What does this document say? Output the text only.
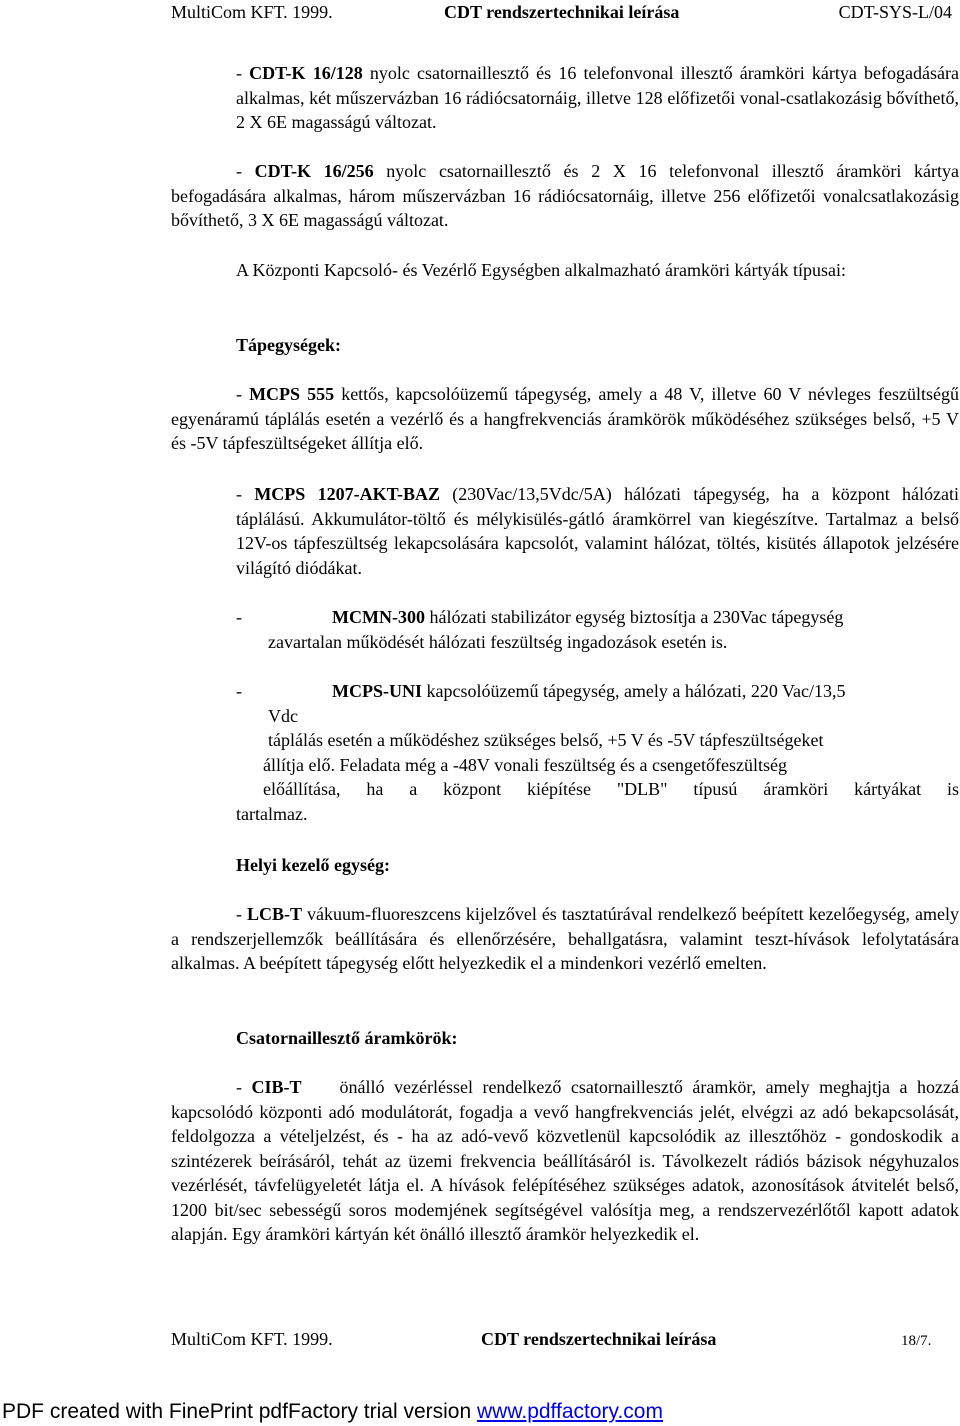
MultiCom KFT. 1999.	CDT rendszertechnikai leírása	CDT-SYS-L/04
- CDT-K 16/128 nyolc csatornaillesztő és 16 telefonvonal illesztő áramköri kártya befogadására alkalmas, két műszervázban 16 rádiócsatornáig, illetve 128 előfizetői vonal-csatlakozásig bővíthető, 2 X 6E magasságú változat.
- CDT-K 16/256 nyolc csatornaillesztő és 2 X 16 telefonvonal illesztő áramköri kártya befogadására alkalmas, három műszervázban 16 rádiócsatornáig, illetve 256 előfizetői vonalcsatlakozásig bővíthető, 3 X 6E magasságú változat.
A Központi Kapcsoló- és Vezérlő Egységben alkalmazható áramköri kártyák típusai:
Tápegységek:
- MCPS 555 kettős, kapcsolóüzemű tápegység, amely a 48 V, illetve 60 V névleges feszültségű egyenáramú táplálás esetén a vezérlő és a hangfrekvenciás áramkörök működéséhez szükséges belső, +5 V és -5V tápfeszültségeket állítja elő.
- MCPS 1207-AKT-BAZ (230Vac/13,5Vdc/5A) hálózati tápegység, ha a központ hálózati táplálású. Akkumulátor-töltő és mélykisülés-gátló áramkörrel van kiegészítve. Tartalmaz a belső 12V-os tápfeszültség lekapcsolására kapcsolót, valamint hálózat, töltés, kisütés állapotok jelzésére világító diódákat.
-	MCMN-300 hálózati stabilizátor egység biztosítja a 230Vac tápegység
zavartalan működését hálózati feszültség ingadozások esetén is.
-	MCPS-UNI kapcsolóüzemű tápegység, amely a hálózati, 220 Vac/13,5
Vdc
táplálás esetén a működéshez szükséges belső, +5 V és -5V tápfeszültségeket
állítja elő. Feladata még a -48V vonali feszültség és a csengetőfeszültség
előállítása, ha a központ kiépítése "DLB" típusú áramköri kártyákat is
tartalmaz.
Helyi kezelő egység:
- LCB-T vákuum-fluoreszcens kijelzővel és tasztatúrával rendelkező beépített kezelőegység, amely a rendszerjellemzők beállítására és ellenőrzésére, behallgatásra, valamint teszt-hívások lefolytatására alkalmas. A beépített tápegység előtt helyezkedik el a mindenkori vezérlő emelten.
Csatornaillesztő áramkörök:
- CIB-T    önálló vezérléssel rendelkező csatornaillesztő áramkör, amely meghajtja a hozzá kapcsolódó központi adó modulátorát, fogadja a vevő hangfrekvenciás jelét, elvégzi az adó bekapcsolását, feldolgozza a vételjelzést, és - ha az adó-vevő közvetlenül kapcsolódik az illesztőhöz - gondoskodik a szintézerek beírásáról, tehát az üzemi frekvencia beállításáról is. Távolkezelt rádiós bázisok négyhuzalos vezérlését, távfelügyeletét látja el. A hívások felépítéséhez szükséges adatok, azonosítások átvitelét belső, 1200 bit/sec sebességű soros modemjének segítségével valósítja meg, a rendszervezérlőtől kapott adatok alapján. Egy áramköri kártyán két önálló illesztő áramkör helyezkedik el.
MultiCom KFT. 1999.	CDT rendszertechnikai leírása	18/7.
PDF created with FinePrint pdfFactory trial version www.pdffactory.com
